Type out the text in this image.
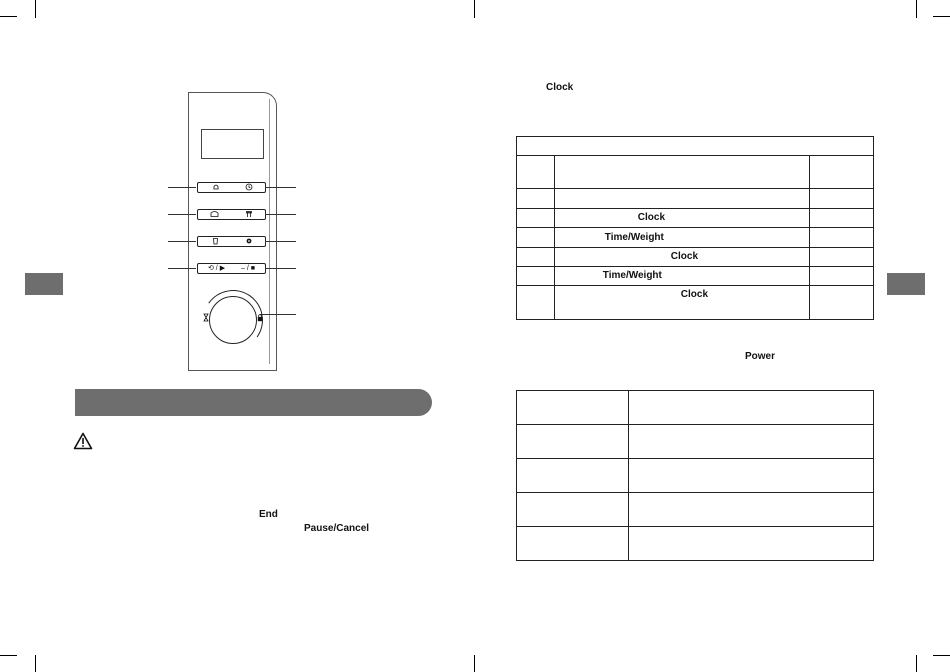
⟲ / ▶ – / ■
End
Pause/Cancel
Clock

	Clock	

	Time/Weight	

	Clock	

	Time/Weight	

	Clock	

Power
